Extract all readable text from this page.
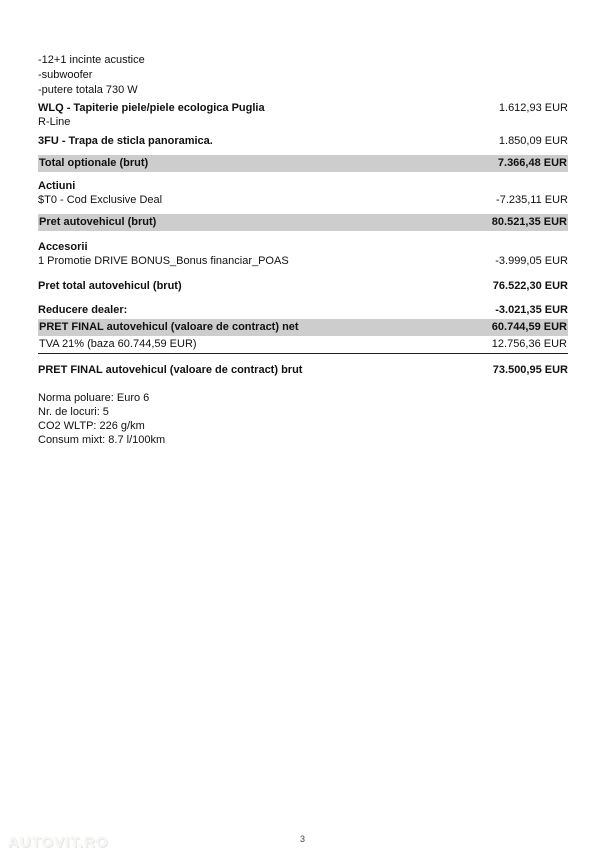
-12+1 incinte acustice
-subwoofer
-putere totala 730 W
WLQ - Tapiterie piele/piele ecologica Puglia	1.612,93 EUR
R-Line
3FU - Trapa de sticla panoramica.	1.850,09 EUR
Total optionale (brut)	7.366,48 EUR
Actiuni
$T0 - Cod Exclusive Deal	-7.235,11 EUR
Pret autovehicul (brut)	80.521,35 EUR
Accesorii
1 Promotie DRIVE BONUS_Bonus financiar_POAS	-3.999,05 EUR
Pret total autovehicul (brut)	76.522,30 EUR
Reducere dealer:	-3.021,35 EUR
PRET FINAL autovehicul (valoare de contract) net	60.744,59 EUR
TVA 21% (baza 60.744,59 EUR)	12.756,36 EUR
PRET FINAL autovehicul (valoare de contract) brut	73.500,95 EUR
Norma poluare: Euro 6
Nr. de locuri: 5
CO2 WLTP: 226 g/km
Consum mixt: 8.7 l/100km
AUTOVIT.RO	3
